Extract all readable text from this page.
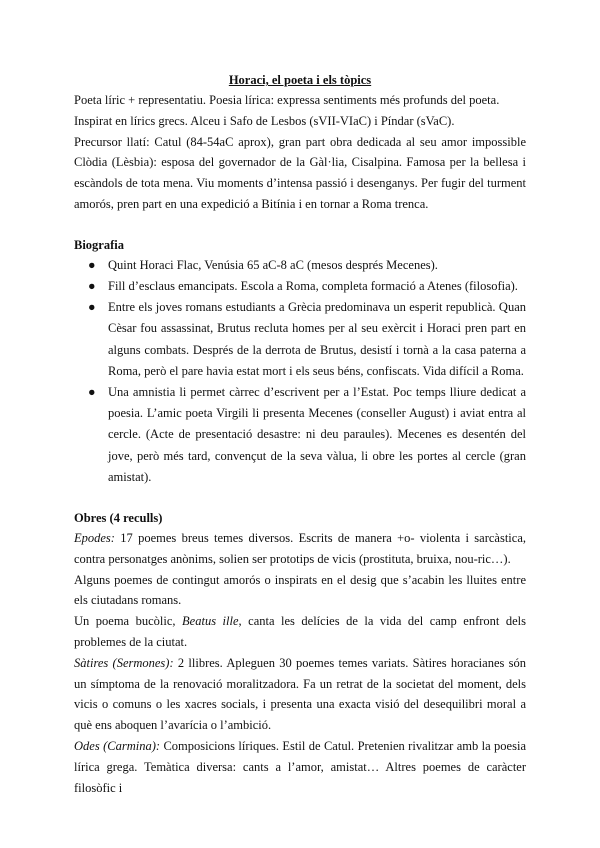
Horaci, el poeta i els tòpics

Poeta líric + representatiu. Poesia lírica: expressa sentiments més profunds del poeta.

Inspirat en lírics grecs. Alceu i Safo de Lesbos (sVII-VIaC) i Píndar (sVaC).

Precursor llatí: Catul (84-54aC aprox), gran part obra dedicada al seu amor impossible Clòdia (Lèsbia): esposa del governador de la Gàl·lia, Cisalpina. Famosa per la bellesa i escàndols de tota mena. Viu moments d’intensa passió i desenganys. Per fugir del turment amorós, pren part en una expedició a Bitínia i en tornar a Roma trenca.

Biografia

● Quint Horaci Flac, Venúsia 65 aC-8 aC (mesos després Mecenes).
● Fill d’esclaus emancipats. Escola a Roma, completa formació a Atenes (filosofia).
● Entre els joves romans estudiants a Grècia predominava un esperit republicà. Quan Cèsar fou assassinat, Brutus recluta homes per al seu exèrcit i Horaci pren part en alguns combats. Després de la derrota de Brutus, desistí i tornà a la casa paterna a Roma, però el pare havia estat mort i els seus béns, confiscats. Vida difícil a Roma.
● Una amnistia li permet càrrec d’escrivent per a l’Estat. Poc temps lliure dedicat a poesia. L’amic poeta Virgili li presenta Mecenes (conseller August) i aviat entra al cercle. (Acte de presentació desastre: ni deu paraules). Mecenes es desentén del jove, però més tard, convençut de la seva vàlua, li obre les portes al cercle (gran amistat).

Obres (4 reculls)

Epodes: 17 poemes breus temes diversos. Escrits de manera +o- violenta i sarcàstica, contra personatges anònims, solien ser prototips de vicis (prostituta, bruixa, nou-ric…).

Alguns poemes de contingut amorós o inspirats en el desig que s’acabin les lluites entre els ciutadans romans.

Un poema bucòlic, Beatus ille, canta les delícies de la vida del camp enfront dels problemes de la ciutat.

Sàtires (Sermones): 2 llibres. Apleguen 30 poemes temes variats. Sàtires horacianes són un símptoma de la renovació moralitzadora. Fa un retrat de la societat del moment, dels vicis o comuns o les xacres socials, i presenta una exacta visió del desequilibri moral a què ens aboquen l’avarícia o l’ambició.

Odes (Carmina): Composicions líriques. Estil de Catul. Pretenien rivalitzar amb la poesia lírica grega. Temàtica diversa: cants a l’amor, amistat… Altres poemes de caràcter filosòfic i
